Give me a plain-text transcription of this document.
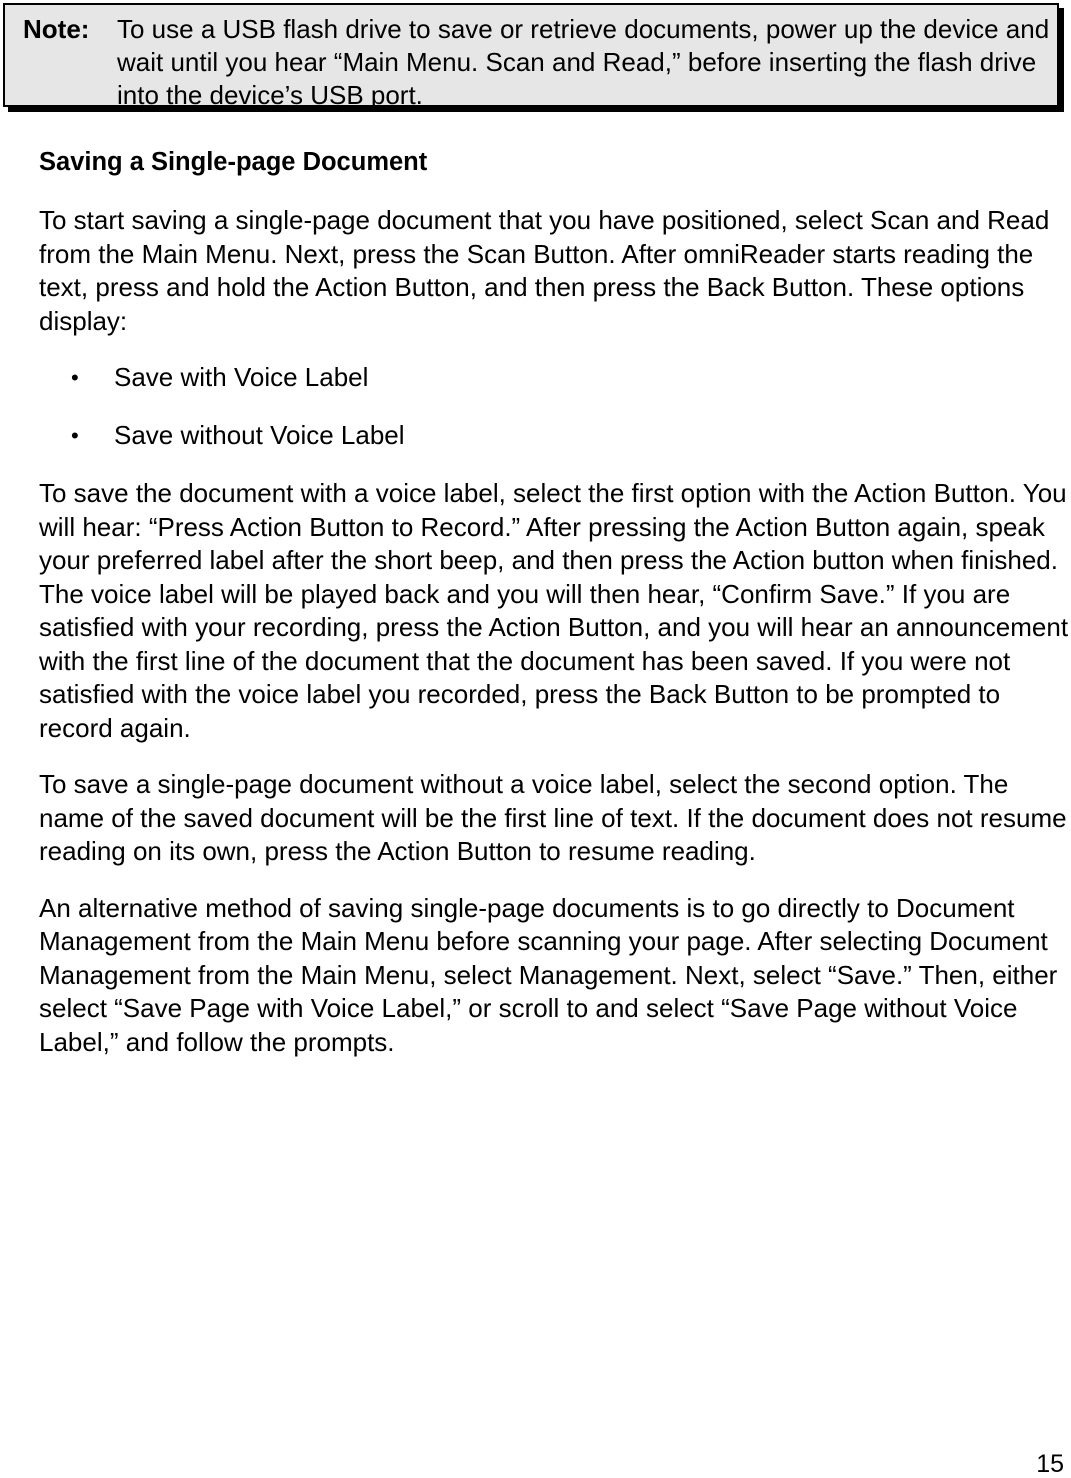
Note: To use a USB flash drive to save or retrieve documents, power up the device and wait until you hear “Main Menu. Scan and Read,” before inserting the flash drive into the device’s USB port.
Saving a Single-page Document

To start saving a single-page document that you have positioned, select Scan and Read from the Main Menu. Next, press the Scan Button. After omniReader starts reading the text, press and hold the Action Button, and then press the Back Button. These options display:

• Save with Voice Label
• Save without Voice Label

To save the document with a voice label, select the first option with the Action Button. You will hear: “Press Action Button to Record.” After pressing the Action Button again, speak your preferred label after the short beep, and then press the Action button when finished. The voice label will be played back and you will then hear, “Confirm Save.” If you are satisfied with your recording, press the Action Button, and you will hear an announcement with the first line of the document that the document has been saved. If you were not satisfied with the voice label you recorded, press the Back Button to be prompted to record again.

To save a single-page document without a voice label, select the second option. The name of the saved document will be the first line of text. If the document does not resume reading on its own, press the Action Button to resume reading.

An alternative method of saving single-page documents is to go directly to Document Management from the Main Menu before scanning your page. After selecting Document Management from the Main Menu, select Management. Next, select “Save.” Then, either select “Save Page with Voice Label,” or scroll to and select “Save Page without Voice Label,” and follow the prompts.

15
